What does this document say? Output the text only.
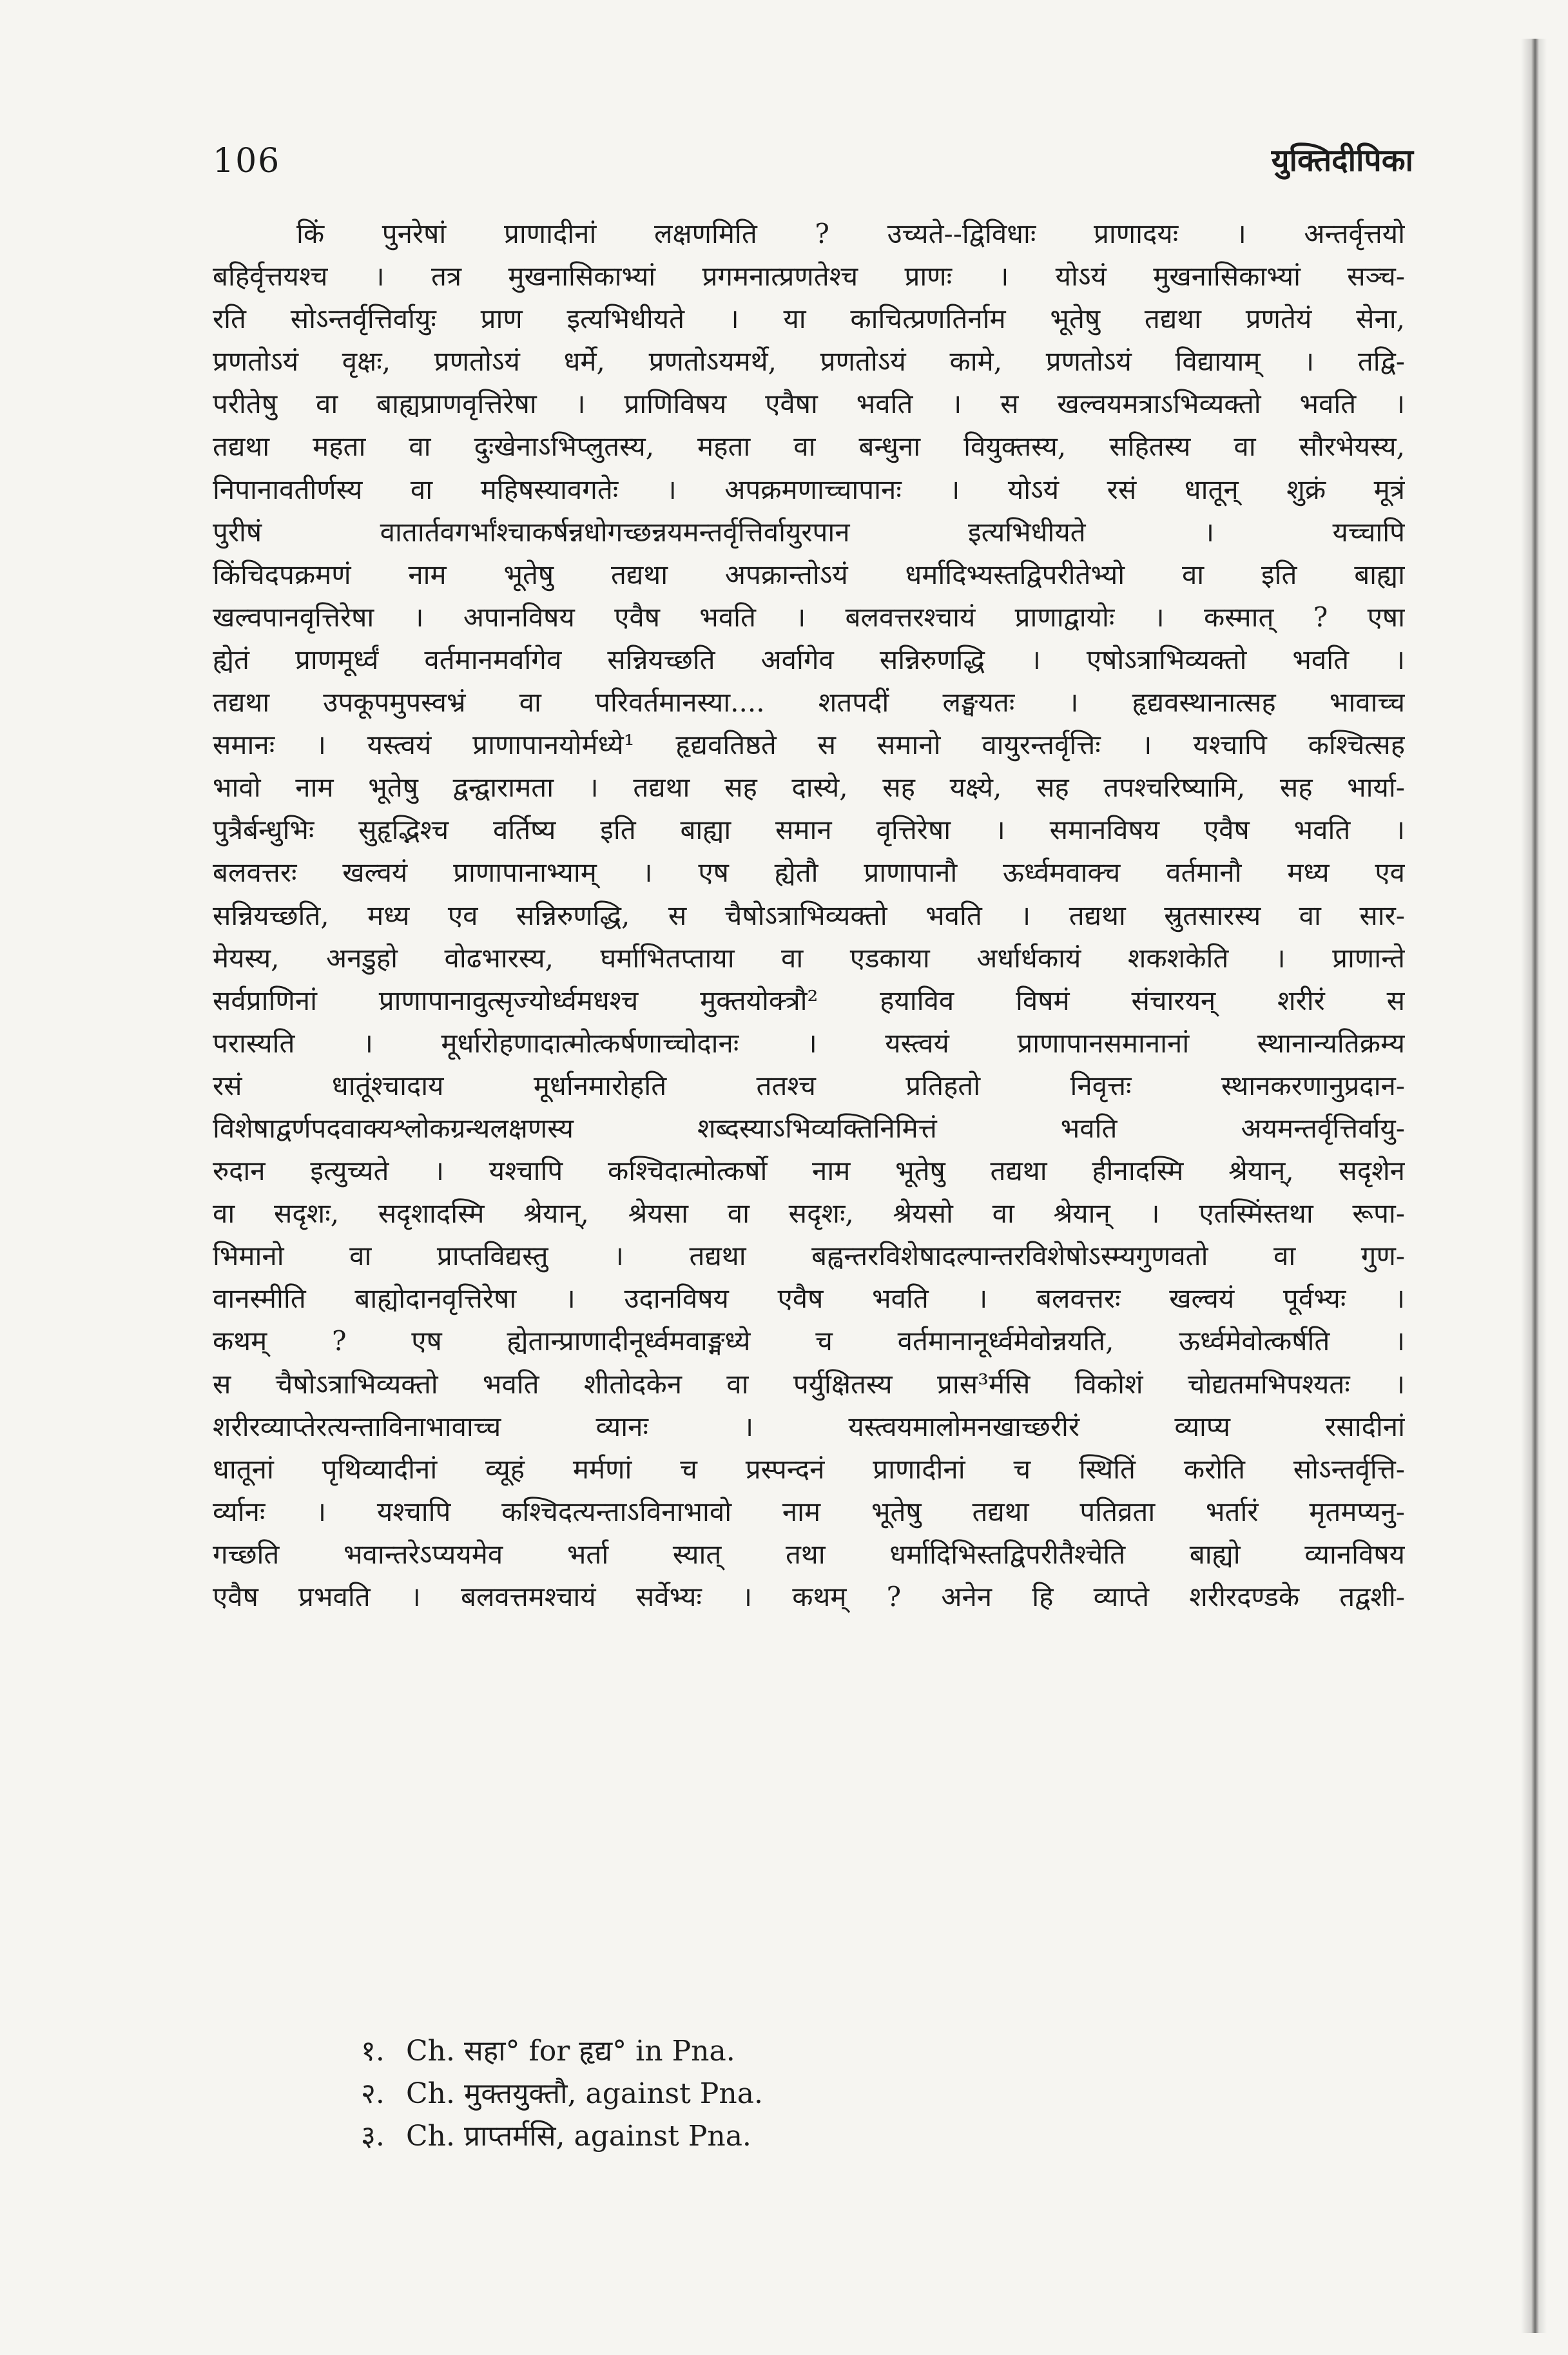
106	युक्तिदीपिका
किं पुनरेषां प्राणादीनां लक्षणमिति ? उच्यते--द्विविधाः प्राणादयः । अन्तर्वृत्तयो
बहिर्वृत्तयश्च । तत्र मुखनासिकाभ्यां प्रगमनात्प्रणतेश्च प्राणः । योऽयं मुखनासिकाभ्यां सञ्च-
रति सोऽन्तर्वृत्तिर्वायुः प्राण इत्यभिधीयते । या काचित्प्रणतिर्नाम भूतेषु तद्यथा प्रणतेयं सेना,
प्रणतोऽयं वृक्षः, प्रणतोऽयं धर्मे, प्रणतोऽयमर्थे, प्रणतोऽयं कामे, प्रणतोऽयं विद्यायाम् । तद्वि-
परीतेषु वा बाह्यप्राणवृत्तिरेषा । प्राणिविषय एवैषा भवति । स खल्वयमत्राऽभिव्यक्तो भवति ।
तद्यथा महता वा दुःखेनाऽभिप्लुतस्य, महता वा बन्धुना वियुक्तस्य, सहितस्य वा सौरभेयस्य,
निपानावतीर्णस्य वा महिषस्यावगतेः । अपक्रमणाच्चापानः । योऽयं रसं धातून् शुक्रं मूत्रं
पुरीषं वातार्तवगर्भांश्चाकर्षन्नधोगच्छन्नयमन्तर्वृत्तिर्वायुरपान इत्यभिधीयते । यच्चापि
किंचिदपक्रमणं नाम भूतेषु तद्यथा अपक्रान्तोऽयं धर्मादिभ्यस्तद्विपरीतेभ्यो वा इति बाह्या
खल्वपानवृत्तिरेषा । अपानविषय एवैष भवति । बलवत्तरश्चायं प्राणाद्वायोः । कस्मात् ? एषा
ह्येतं प्राणमूर्ध्वं वर्तमानमर्वागेव सन्नियच्छति अर्वागेव सन्निरुणद्धि । एषोऽत्राभिव्यक्तो भवति ।
तद्यथा उपकूपमुपस्वभ्रं वा परिवर्तमानस्या.... शतपदीं लङ्घयतः । हृद्यवस्थानात्सह भावाच्च
समानः । यस्त्वयं प्राणापानयोर्मध्ये¹ हृद्यवतिष्ठते स समानो वायुरन्तर्वृत्तिः । यश्चापि कश्चित्सह
भावो नाम भूतेषु द्वन्द्वारामता । तद्यथा सह दास्ये, सह यक्ष्ये, सह तपश्चरिष्यामि, सह भार्या-
पुत्रैर्बन्धुभिः सुहृद्भिश्च वर्तिष्य इति बाह्या समान वृत्तिरेषा । समानविषय एवैष भवति ।
बलवत्तरः खल्वयं प्राणापानाभ्याम् । एष ह्येतौ प्राणापानौ ऊर्ध्वमवाक्च वर्तमानौ मध्य एव
सन्नियच्छति, मध्य एव सन्निरुणद्धि, स चैषोऽत्राभिव्यक्तो भवति । तद्यथा स्रुतसारस्य वा सार-
मेयस्य, अनडुहो वोढभारस्य, घर्माभितप्ताया वा एडकाया अर्धार्धकायं शकशकेति । प्राणान्ते
सर्वप्राणिनां प्राणापानावुत्सृज्योर्ध्वमधश्च मुक्तयोक्त्रौ² हयाविव विषमं संचारयन् शरीरं स
परास्यति । मूर्धारोहणादात्मोत्कर्षणाच्चोदानः । यस्त्वयं प्राणापानसमानानां स्थानान्यतिक्रम्य
रसं धातूंश्चादाय मूर्धानमारोहति ततश्च प्रतिहतो निवृत्तः स्थानकरणानुप्रदान-
विशेषाद्वर्णपदवाक्यश्लोकग्रन्थलक्षणस्य शब्दस्याऽभिव्यक्तिनिमित्तं भवति अयमन्तर्वृत्तिर्वायु-
रुदान इत्युच्यते । यश्चापि कश्चिदात्मोत्कर्षो नाम भूतेषु तद्यथा हीनादस्मि श्रेयान्, सदृशेन
वा सदृशः, सदृशादस्मि श्रेयान्, श्रेयसा वा सदृशः, श्रेयसो वा श्रेयान् । एतस्मिंस्तथा रूपा-
भिमानो वा प्राप्तविद्यस्तु । तद्यथा बह्वन्तरविशेषादल्पान्तरविशेषोऽस्म्यगुणवतो वा गुण-
वानस्मीति बाह्योदानवृत्तिरेषा । उदानविषय एवैष भवति । बलवत्तरः खल्वयं पूर्वभ्यः ।
कथम् ? एष ह्येतान्प्राणादीनूर्ध्वमवाङ्मध्ये च वर्तमानानूर्ध्वमेवोन्नयति, ऊर्ध्वमेवोत्कर्षति ।
स चैषोऽत्राभिव्यक्तो भवति शीतोदकेन वा पर्युक्षितस्य प्रास³र्मसि विकोशं चोद्यतमभिपश्यतः ।
शरीरव्याप्तेरत्यन्ताविनाभावाच्च व्यानः । यस्त्वयमालोमनखाच्छरीरं व्याप्य रसादीनां
धातूनां पृथिव्यादीनां व्यूहं मर्मणां च प्रस्पन्दनं प्राणादीनां च स्थितिं करोति सोऽन्तर्वृत्ति-
र्व्यानः । यश्चापि कश्चिदत्यन्ताऽविनाभावो नाम भूतेषु तद्यथा पतिव्रता भर्तारं मृतमप्यनु-
गच्छति भवान्तरेऽप्ययमेव भर्ता स्यात् तथा धर्मादिभिस्तद्विपरीतैश्चेति बाह्यो व्यानविषय
एवैष प्रभवति । बलवत्तमश्चायं सर्वेभ्यः । कथम् ? अनेन हि व्याप्ते शरीरदण्डके तद्वशी-
१. Ch. सहा° for हृद्य° in Pna.
२. Ch. मुक्तयुक्तौ, against Pna.
३. Ch. प्राप्तर्मसि, against Pna.
